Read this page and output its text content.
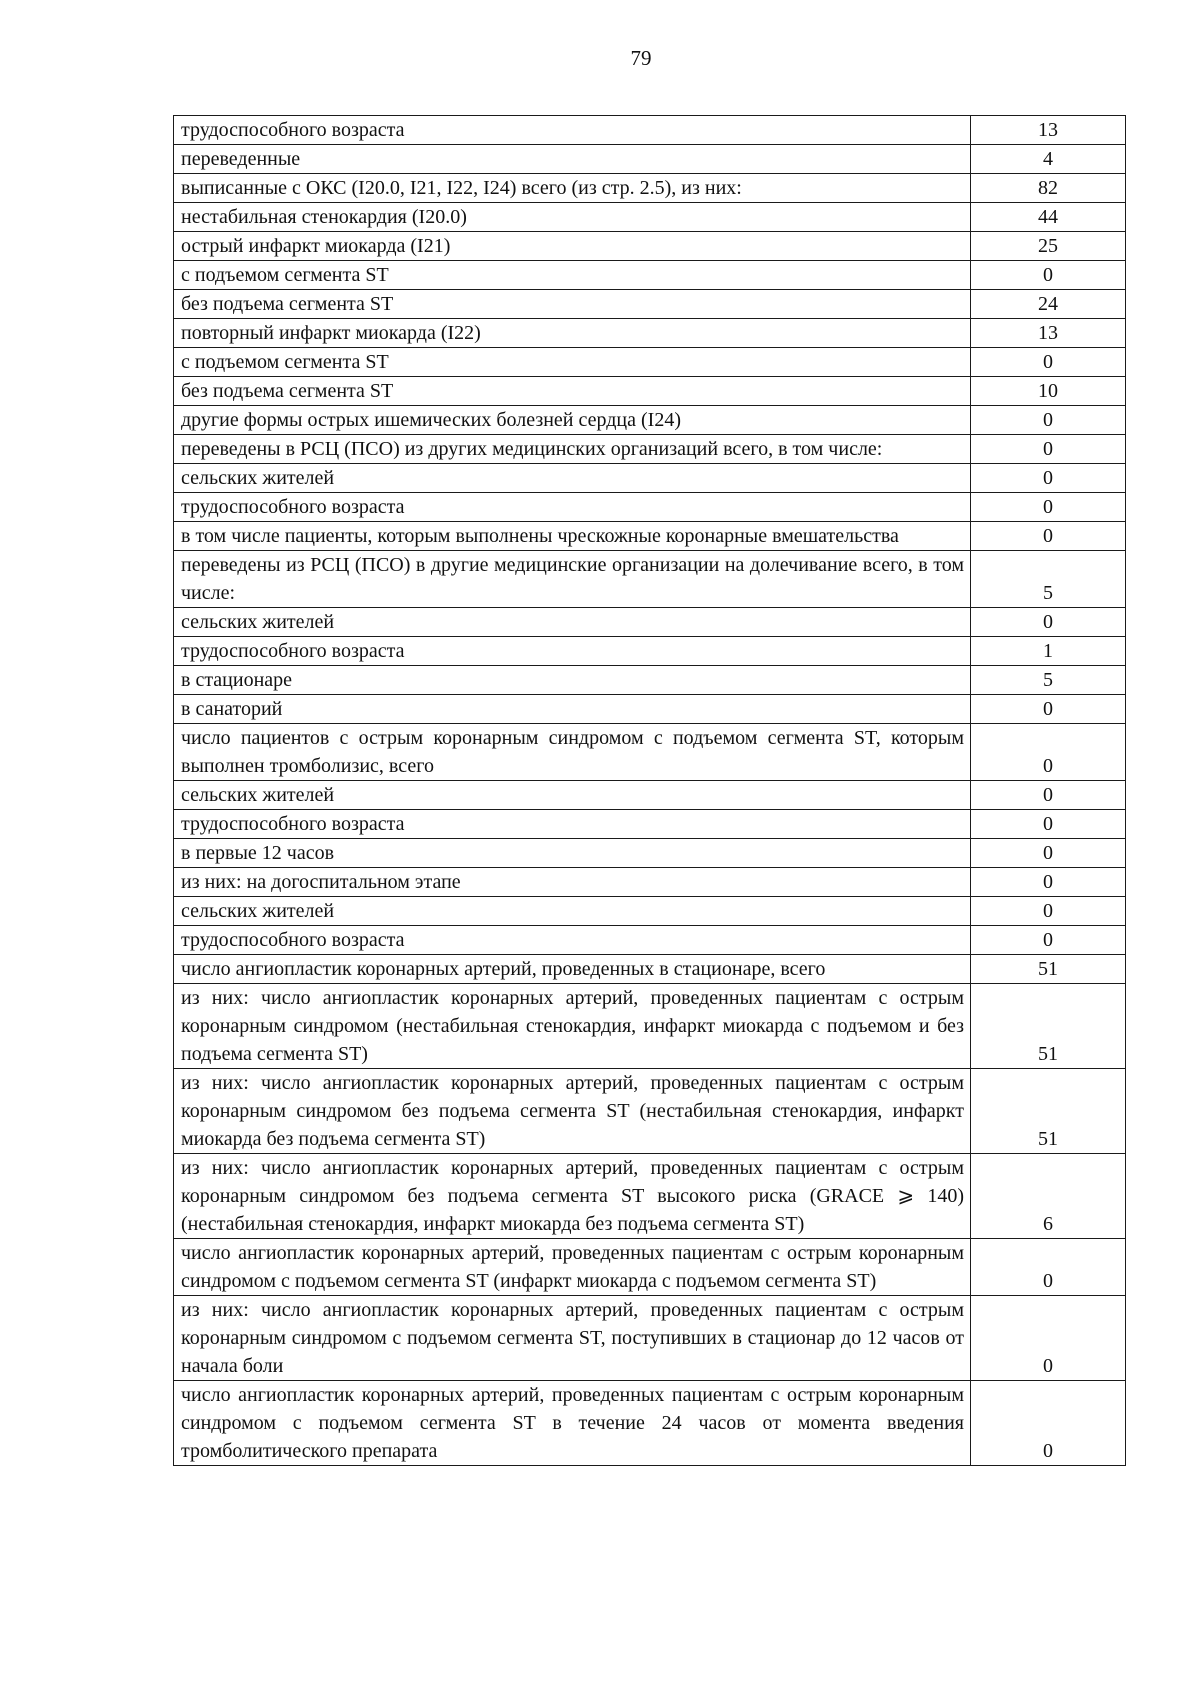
79
трудоспособного возраста	13
переведенные	4
выписанные с ОКС (I20.0, I21, I22, I24) всего (из стр. 2.5), из них:	82
нестабильная стенокардия (I20.0)	44
острый инфаркт миокарда (I21)	25
с подъемом сегмента ST	0
без подъема сегмента ST	24
повторный инфаркт миокарда (I22)	13
с подъемом сегмента ST	0
без подъема сегмента ST	10
другие формы острых ишемических болезней сердца (I24)	0
переведены в РСЦ (ПСО) из других медицинских организаций всего, в том числе:	0
сельских жителей	0
трудоспособного возраста	0
в том числе пациенты, которым выполнены чрескожные коронарные вмешательства	0
переведены из РСЦ (ПСО) в другие медицинские организации на долечивание всего, в том числе:	5
сельских жителей	0
трудоспособного возраста	1
в стационаре	5
в санаторий	0
число пациентов с острым коронарным синдромом с подъемом сегмента ST, которым выполнен тромболизис, всего	0
сельских жителей	0
трудоспособного возраста	0
в первые 12 часов	0
из них: на догоспитальном этапе	0
сельских жителей	0
трудоспособного возраста	0
число ангиопластик коронарных артерий, проведенных в стационаре, всего	51
из них: число ангиопластик коронарных артерий, проведенных пациентам с острым коронарным синдромом (нестабильная стенокардия, инфаркт миокарда с подъемом и без подъема сегмента ST)	51
из них: число ангиопластик коронарных артерий, проведенных пациентам с острым коронарным синдромом без подъема сегмента ST (нестабильная стенокардия, инфаркт миокарда без подъема сегмента ST)	51
из них: число ангиопластик коронарных артерий, проведенных пациентам с острым коронарным синдромом без подъема сегмента ST высокого риска (GRACE ⩾ 140) (нестабильная стенокардия, инфаркт миокарда без подъема сегмента ST)	6
число ангиопластик коронарных артерий, проведенных пациентам с острым коронарным синдромом с подъемом сегмента ST (инфаркт миокарда с подъемом сегмента ST)	0
из них: число ангиопластик коронарных артерий, проведенных пациентам с острым коронарным синдромом с подъемом сегмента ST, поступивших в стационар до 12 часов от начала боли	0
число ангиопластик коронарных артерий, проведенных пациентам с острым коронарным синдромом с подъемом сегмента ST в течение 24 часов от момента введения тромболитического препарата	0
